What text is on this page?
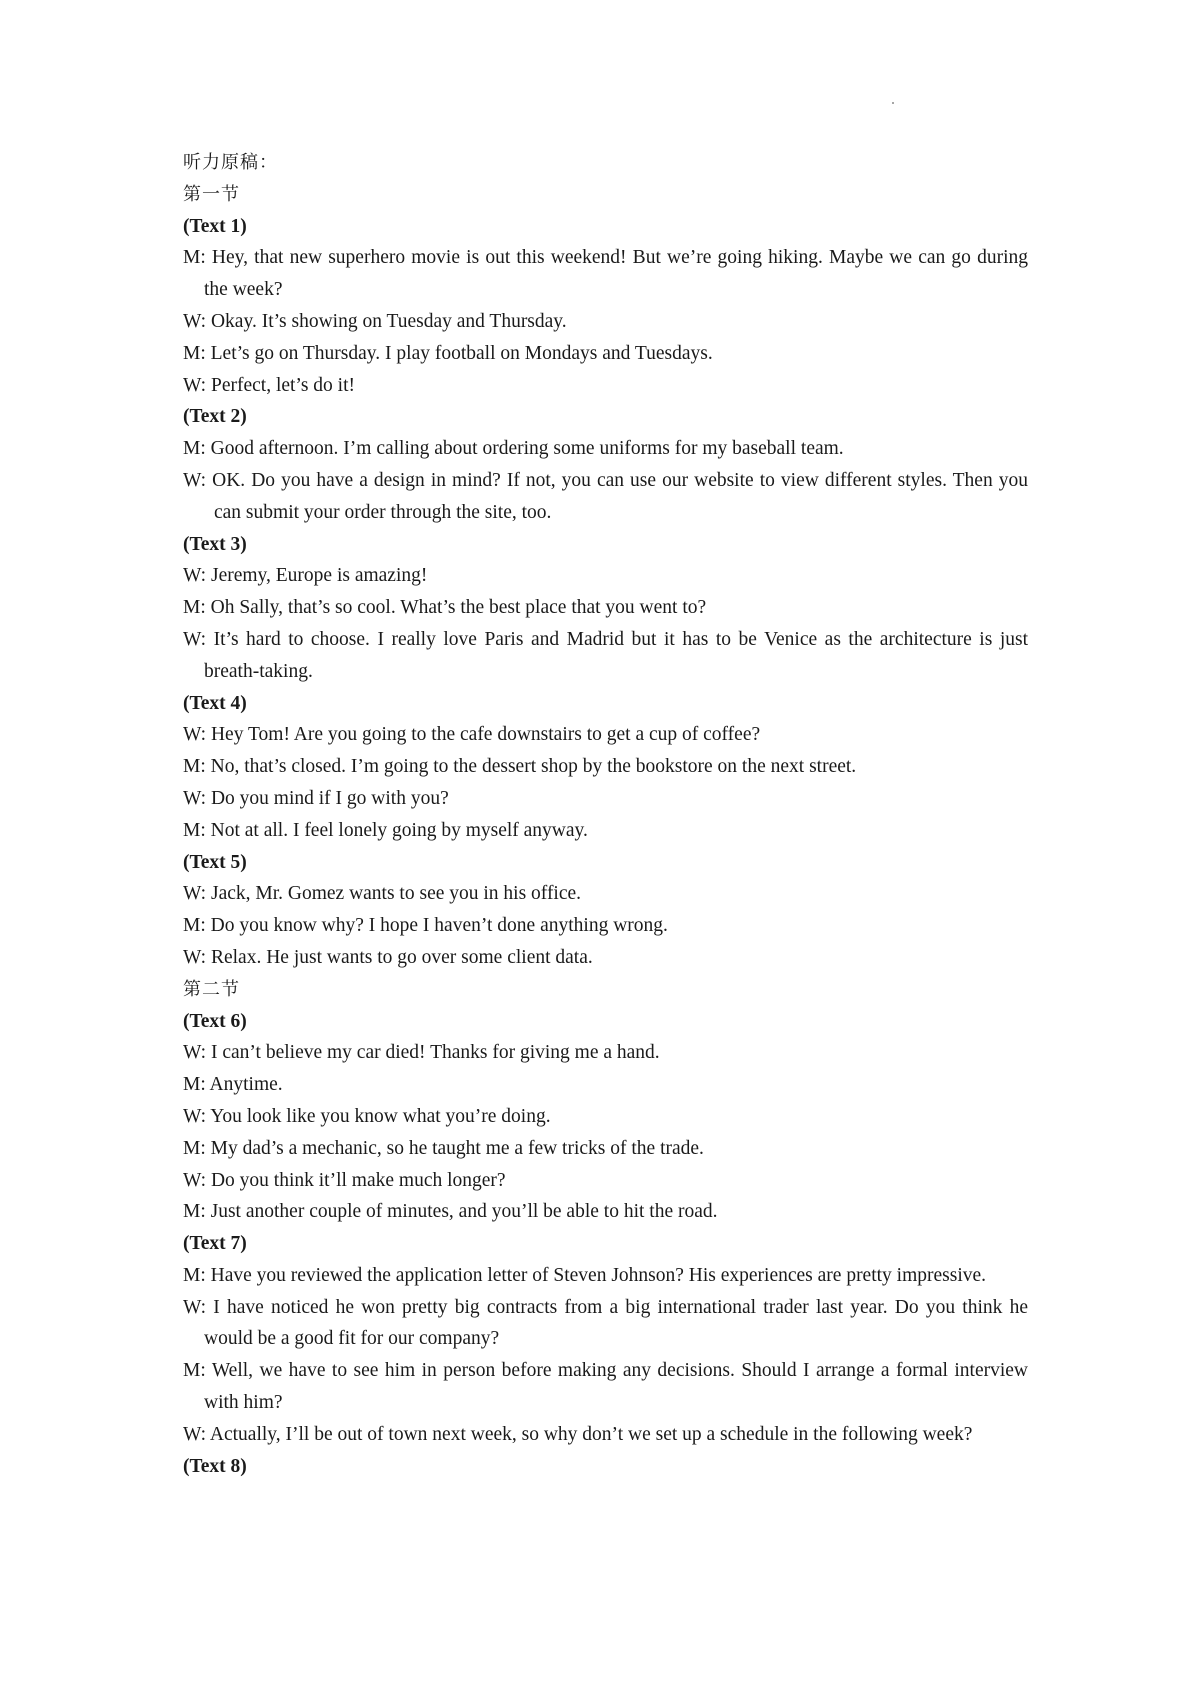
听力原稿：

第一节

(Text 1)

M: Hey, that new superhero movie is out this weekend! But we’re going hiking. Maybe we can go during the week?

W: Okay. It’s showing on Tuesday and Thursday.

M: Let’s go on Thursday. I play football on Mondays and Tuesdays.

W: Perfect, let’s do it!

(Text 2)

M: Good afternoon. I’m calling about ordering some uniforms for my baseball team.

W: OK. Do you have a design in mind? If not, you can use our website to view different styles. Then you can submit your order through the site, too.

(Text 3)

W: Jeremy, Europe is amazing!

M: Oh Sally, that’s so cool. What’s the best place that you went to?

W: It’s hard to choose. I really love Paris and Madrid but it has to be Venice as the architecture is just breath-taking.

(Text 4)

W: Hey Tom! Are you going to the cafe downstairs to get a cup of coffee?

M: No, that’s closed. I’m going to the dessert shop by the bookstore on the next street.

W: Do you mind if I go with you?

M: Not at all. I feel lonely going by myself anyway.

(Text 5)

W: Jack, Mr. Gomez wants to see you in his office.

M: Do you know why? I hope I haven’t done anything wrong.

W: Relax. He just wants to go over some client data.

第二节

(Text 6)

W: I can’t believe my car died! Thanks for giving me a hand.

M: Anytime.

W: You look like you know what you’re doing.

M: My dad’s a mechanic, so he taught me a few tricks of the trade.

W: Do you think it’ll make much longer?

M: Just another couple of minutes, and you’ll be able to hit the road.

(Text 7)

M: Have you reviewed the application letter of Steven Johnson? His experiences are pretty impressive.

W: I have noticed he won pretty big contracts from a big international trader last year. Do you think he would be a good fit for our company?

M: Well, we have to see him in person before making any decisions. Should I arrange a formal interview with him?

W: Actually, I’ll be out of town next week, so why don’t we set up a schedule in the following week?

(Text 8)
